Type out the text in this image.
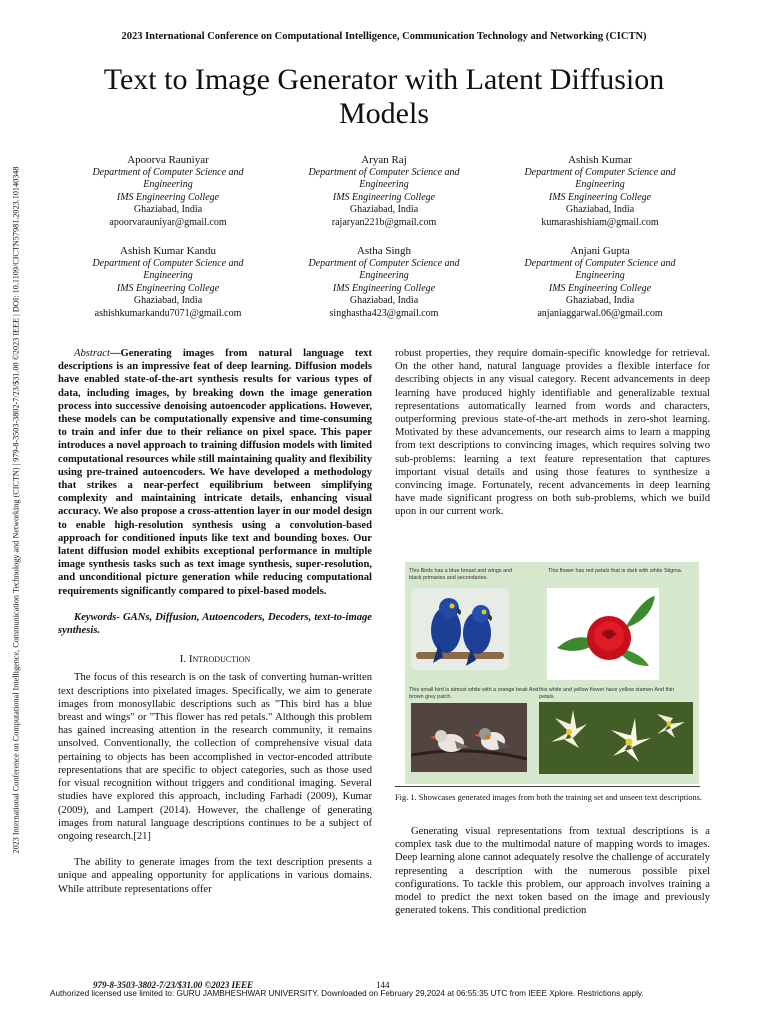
2023 International Conference on Computational Intelligence, Communication Technology and Networking (CICTN)
2023 International Conference on Computational Intelligence, Communication Technology and Networking (CICTN) | 979-8-3503-3802-7/23/$31.00 ©2023 IEEE | DOI: 10.1109/CICTN57981.2023.10140348
Text to Image Generator with Latent Diffusion
Models
Apoorva Rauniyar
Department of Computer Science and
Engineering
IMS Engineering College
Ghaziabad, India
apoorvarauniyar@gmail.com
Aryan Raj
Department of Computer Science and
Engineering
IMS Engineering College
Ghaziabad, India
rajaryan221b@gmail.com
Ashish Kumar
Department of Computer Science and
Engineering
IMS Engineering College
Ghaziabad, India
kumarashishiam@gmail.com
Ashish Kumar Kandu
Department of Computer Science and
Engineering
IMS Engineering College
Ghaziabad, India
ashishkumarkandu7071@gmail.com
Astha Singh
Department of Computer Science and
Engineering
IMS Engineering College
Ghaziabad, India
singhastha423@gmail.com
Anjani Gupta
Department of Computer Science and
Engineering
IMS Engineering College
Ghaziabad, India
anjaniaggarwal.06@gmail.com

Abstract—Generating images from natural language text descriptions is an impressive feat of deep learning. Diffusion models have enabled state-of-the-art synthesis results for various types of data, including images, by breaking down the image generation process into successive denoising autoencoder applications. However, these models can be computationally expensive and time-consuming to train and infer due to their reliance on pixel space. This paper introduces a novel approach to training diffusion models with limited computational resources while still maintaining quality and flexibility using pre-trained autoencoders. We have developed a methodology that strikes a near-perfect equilibrium between simplifying complexity and maintaining intricate details, enhancing visual accuracy. We also propose a cross-attention layer in our model design to enable high-resolution synthesis using a convolution-based approach for conditioned inputs like text and bounding boxes. Our latent diffusion model exhibits exceptional performance in multiple image synthesis tasks such as text image synthesis, super-resolution, and unconditional picture generation while reducing computational requirements significantly compared to pixel-based models.

Keywords- GANs, Diffusion, Autoencoders, Decoders, text-to-image synthesis.

I. Introduction

The focus of this research is on the task of converting human-written text descriptions into pixelated images. Specifically, we aim to generate images from monosyllabic descriptions such as "This bird has a blue breast and wings" or "This flower has red petals." Although this problem has gained increasing attention in the research community, it remains unsolved. Conventionally, the collection of comprehensive visual data pertaining to objects has been accomplished in vector-encoded attribute representations that are specific to object categories, such as those used for visual recognition without triggers and conditional imaging. Several studies have explored this approach, including Farhadi (2009), Kumar (2009), and Lampert (2014). However, the challenge of generating images from natural language descriptions continues to be a subject of ongoing research.[21]

The ability to generate images from the text description presents a unique and appealing opportunity for applications in various domains. While attribute representations offer

robust properties, they require domain-specific knowledge for retrieval. On the other hand, natural language provides a flexible interface for describing objects in any visual category. Recent advancements in deep learning have produced highly identifiable and generalizable textual representations automatically learned from words and characters, outperforming previous state-of-the-art methods in zero-shot learning. Motivated by these advancements, our research aims to learn a mapping from text descriptions to convincing images, which requires solving two sub-problems: learning a text feature representation that captures important visual details and using those features to synthesize a convincing image. Fortunately, recent advancements in deep learning have made significant progress on both sub-problems, which we build upon in our current work.

This Birds has a blue breast and wings and black primaries and secondaries.
This flower has red petals that is dark with white Stigma.
This small bird is almost white with a orange beak And brown grey patch.
this white and yellow flower have yellow stamen And thin petals.
Fig. 1. Showcases generated images from both the training set and unseen text descriptions.

Generating visual representations from textual descriptions is a complex task due to the multimodal nature of mapping words to images. Deep learning alone cannot adequately resolve the challenge of accurately representing a description with the numerous possible pixel configurations. To tackle this problem, our approach involves training a model to predict the next token based on the image and previously generated tokens. This conditional prediction

979-8-3503-3802-7/23/$31.00 ©2023 IEEE	144
Authorized licensed use limited to: GURU JAMBHESHWAR UNIVERSITY. Downloaded on February 29,2024 at 06:55:35 UTC from IEEE Xplore. Restrictions apply.
